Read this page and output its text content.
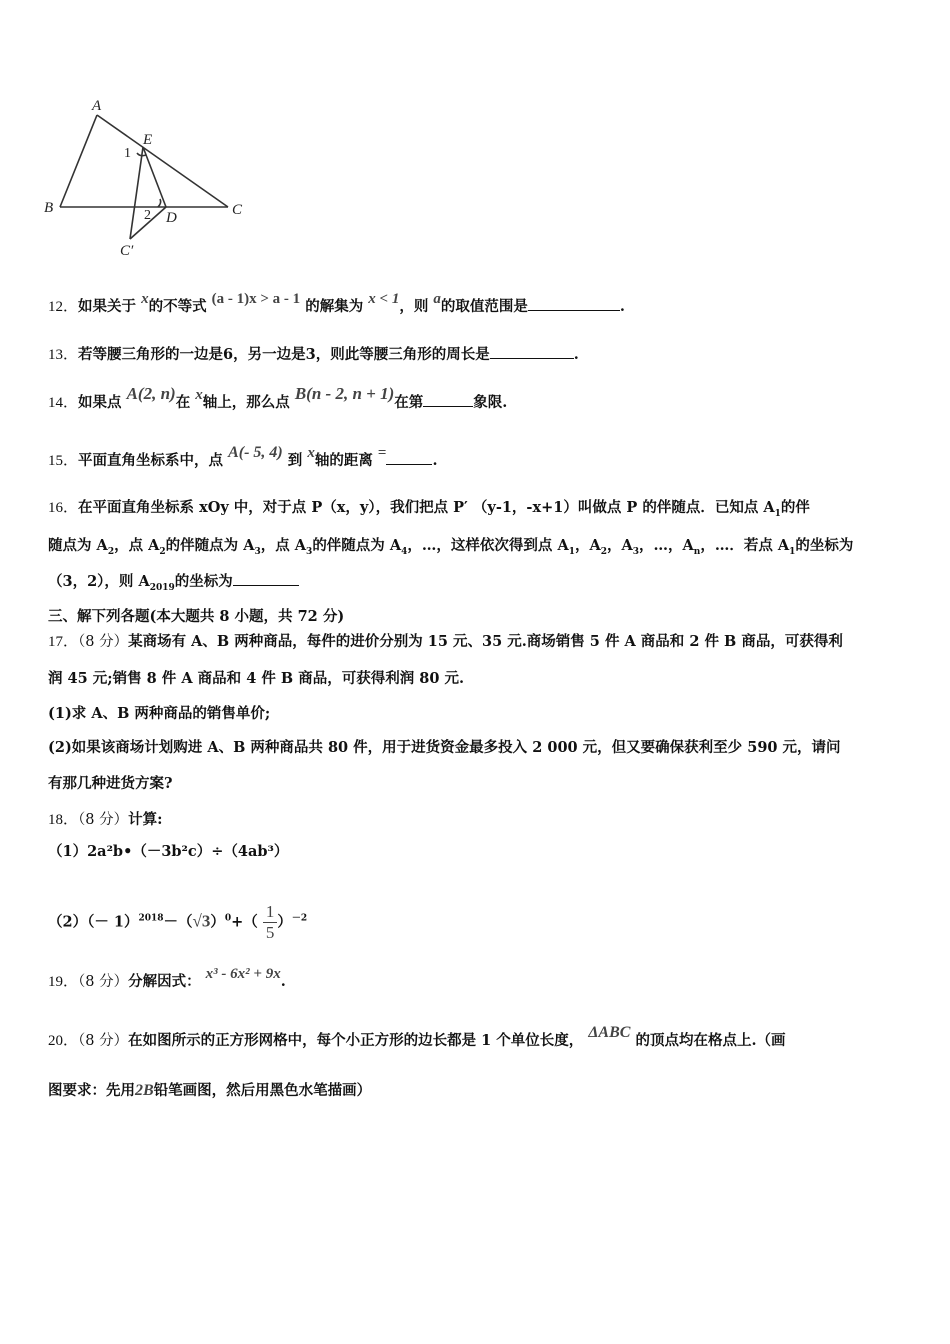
A
B	C
E
D
C′
1
2
12．如果关于 x的不等式 (a - 1)x > a - 1 的解集为 x < 1，则 a的取值范围是	.
13．若等腰三角形的一边是6，另一边是3，则此等腰三角形的周长是	.
14．如果点 A(2, n)在 x轴上，那么点 B(n - 2, n + 1)在第	象限.
15．平面直角坐标系中，点 A(- 5, 4) 到 x轴的距离 =	.
16．在平面直角坐标系 xOy 中，对于点 P（x，y），我们把点 P′ （y-1，-x+1）叫做点 P 的伴随点．已知点 $A_1$的伴
随点为 $A_2$，点 $A_2$的伴随点为 $A_3$，点 $A_3$的伴随点为 $A_4$，…，这样依次得到点 $A_1$，$A_2$，$A_3$，…，$A_n$，…．若点 $A_1$的坐标为
（3，2），则 $A_{2019}$的坐标为
三、解下列各题(本大题共 8 小题，共 72 分)
17．（8 分）某商场有 A、B 两种商品，每件的进价分别为 15 元、35 元.商场销售 5 件 A 商品和 2 件 B 商品，可获得利
润 45 元;销售 8 件 A 商品和 4 件 B 商品，可获得利润 80 元.
(1)求 A、B 两种商品的销售单价;
(2)如果该商场计划购进 A、B 两种商品共 80 件，用于进货资金最多投入 2 000 元，但又要确保获利至少 590 元，请问
有那几种进货方案?
18．（8 分）计算:
（1）2a²b•（－3b²c）÷（4ab³）
$(2)(- 1)^{2018}-(√3)^0+( \frac{1}{5} )^{-2}$
19．（8 分）分解因式： x³ - 6x² + 9x.
20．（8 分）在如图所示的正方形网格中，每个小正方形的边长都是 1 个单位长度， ΔABC 的顶点均在格点上.（画
图要求：先用2B铅笔画图，然后用黑色水笔描画）
